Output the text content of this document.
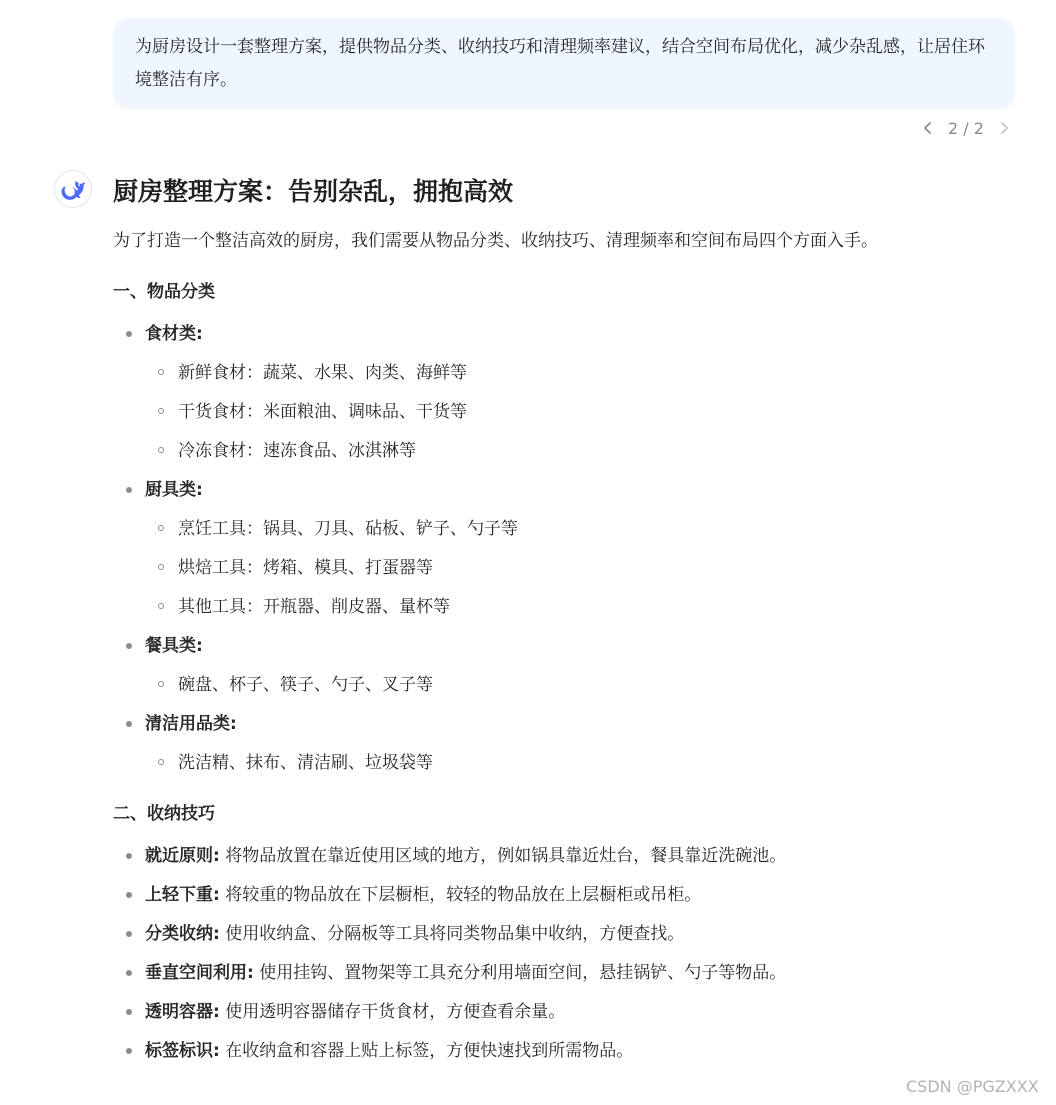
为厨房设计一套整理方案，提供物品分类、收纳技巧和清理频率建议，结合空间布局优化，减少杂乱感，让居住环境整洁有序。
2 / 2
厨房整理方案：告别杂乱，拥抱高效

为了打造一个整洁高效的厨房，我们需要从物品分类、收纳技巧、清理频率和空间布局四个方面入手。

一、物品分类
食材类:
新鲜食材：蔬菜、水果、肉类、海鲜等
干货食材：米面粮油、调味品、干货等
冷冻食材：速冻食品、冰淇淋等
厨具类:
烹饪工具：锅具、刀具、砧板、铲子、勺子等
烘焙工具：烤箱、模具、打蛋器等
其他工具：开瓶器、削皮器、量杯等
餐具类:
碗盘、杯子、筷子、勺子、叉子等
清洁用品类:
洗洁精、抹布、清洁刷、垃圾袋等
二、收纳技巧
就近原则: 将物品放置在靠近使用区域的地方，例如锅具靠近灶台，餐具靠近洗碗池。
上轻下重: 将较重的物品放在下层橱柜，较轻的物品放在上层橱柜或吊柜。
分类收纳: 使用收纳盒、分隔板等工具将同类物品集中收纳，方便查找。
垂直空间利用: 使用挂钩、置物架等工具充分利用墙面空间，悬挂锅铲、勺子等物品。
透明容器: 使用透明容器储存干货食材，方便查看余量。
标签标识: 在收纳盒和容器上贴上标签，方便快速找到所需物品。
CSDN @PGZXXX
